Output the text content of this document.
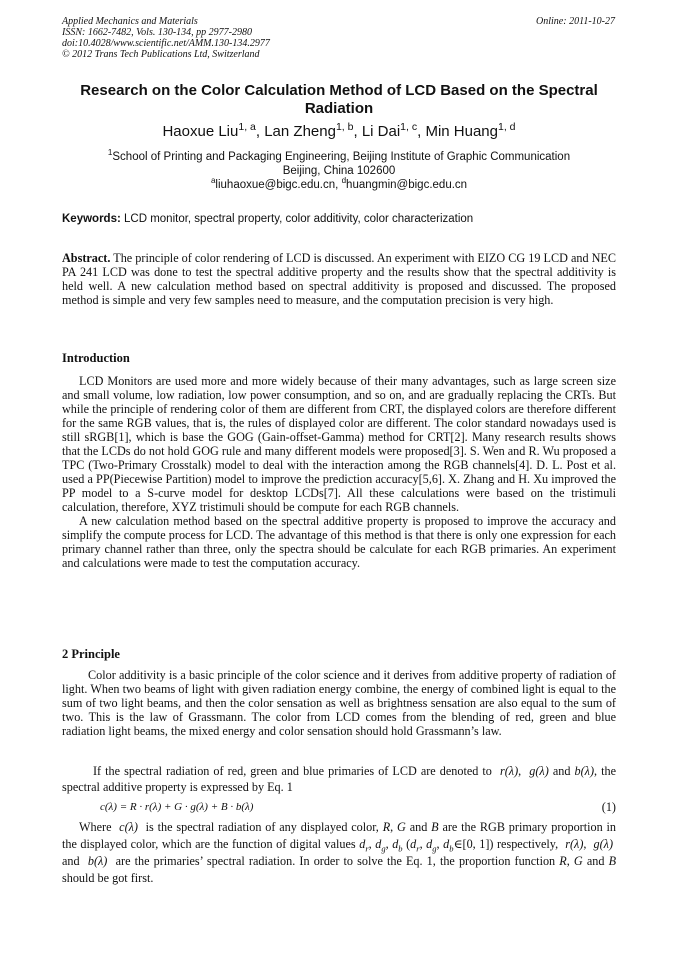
Applied Mechanics and Materials
ISSN: 1662-7482, Vols. 130-134, pp 2977-2980
doi:10.4028/www.scientific.net/AMM.130-134.2977
© 2012 Trans Tech Publications Ltd, Switzerland
Online: 2011-10-27
Research on the Color Calculation Method of LCD Based on the Spectral Radiation
Haoxue Liu$^{1, a}$, Lan Zheng$^{1, b}$, Li Dai$^{1, c}$, Min Huang$^{1, d}$
$^1$School of Printing and Packaging Engineering, Beijing Institute of Graphic Communication
Beijing, China 102600
$^a$liuhaoxue@bigc.edu.cn, $^d$huangmin@bigc.edu.cn
Keywords: LCD monitor, spectral property, color additivity, color characterization

Abstract. The principle of color rendering of LCD is discussed. An experiment with EIZO CG 19 LCD and NEC PA 241 LCD was done to test the spectral additive property and the results show that the spectral additivity is held well. A new calculation method based on spectral additivity is proposed and discussed. The proposed method is simple and very few samples need to measure, and the computation precision is very high.

Introduction

LCD Monitors are used more and more widely because of their many advantages, such as large screen size and small volume, low radiation, low power consumption, and so on, and are gradually replacing the CRTs. But while the principle of rendering color of them are different from CRT, the displayed colors are therefore different for the same RGB values, that is, the rules of displayed color are different. The color standard nowadays used is still sRGB[1], which is base the GOG (Gain-offset-Gamma) method for CRT[2]. Many research results shows that the LCDs do not hold GOG rule and many different models were proposed[3]. S. Wen and R. Wu proposed a TPC (Two-Primary Crosstalk) model to deal with the interaction among the RGB channels[4]. D. L. Post et al. used a PP(Piecewise Partition) model to improve the prediction accuracy[5,6]. X. Zhang and H. Xu improved the PP model to a S-curve model for desktop LCDs[7]. All these calculations were based on the tristimuli calculation, therefore, XYZ tristimuli should be compute for each RGB channels.

A new calculation method based on the spectral additive property is proposed to improve the accuracy and simplify the compute process for LCD. The advantage of this method is that there is only one expression for each primary channel rather than three, only the spectra should be calculate for each RGB primaries. An experiment and calculations were made to test the computation accuracy.

2 Principle

Color additivity is a basic principle of the color science and it derives from additive property of radiation of light. When two beams of light with given radiation energy combine, the energy of combined light is equal to the sum of two light beams, and then the color sensation as well as brightness sensation are also equal to the sum of two. This is the law of Grassmann. The color from LCD comes from the blending of red, green and blue radiation light beams, the mixed energy and color sensation should hold Grassmann’s law.

If the spectral radiation of red, green and blue primaries of LCD are denoted to r(λ), g(λ) and b(λ), the spectral additive property is expressed by Eq. 1

c(λ) = R · r(λ) + G · g(λ) + B · b(λ)	(1)

Where c(λ) is the spectral radiation of any displayed color, R, G and B are the RGB primary proportion in the displayed color, which are the function of digital values $d_r$, $d_g$, $d_b$ ($d_r$, $d_g$, $d_b\in[0$, 1]) respectively, r(λ),  g(λ)  and b(λ) are the primaries’ spectral radiation. In order to solve the Eq. 1, the proportion function R, G and B should be got first.
